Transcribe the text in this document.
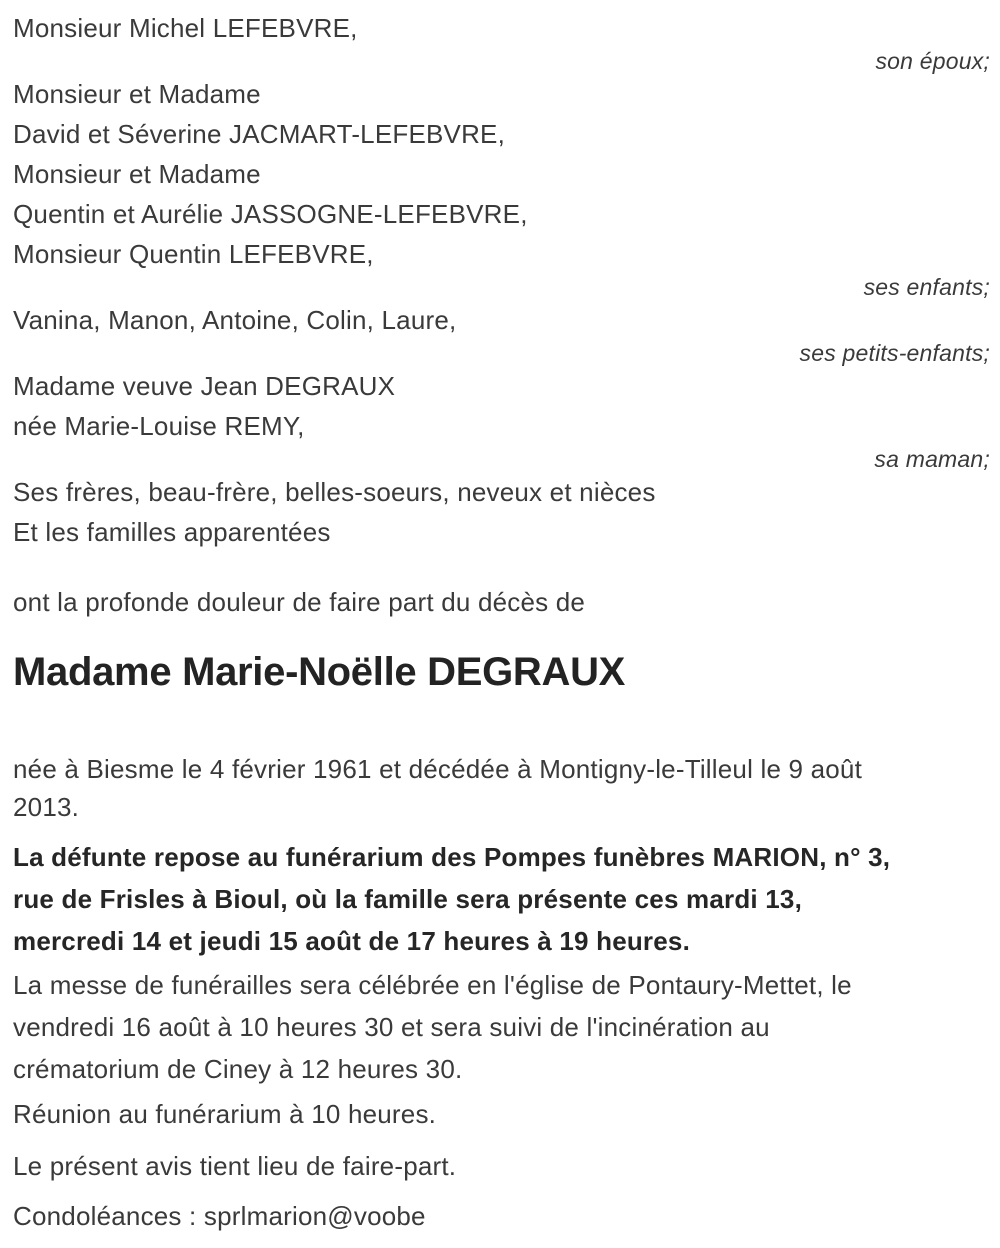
Monsieur Michel LEFEBVRE,
son époux;
Monsieur et Madame
David et Séverine JACMART-LEFEBVRE,
Monsieur et Madame
Quentin et Aurélie JASSOGNE-LEFEBVRE,
Monsieur Quentin LEFEBVRE,
ses enfants;
Vanina, Manon, Antoine, Colin, Laure,
ses petits-enfants;
Madame veuve Jean DEGRAUX
née Marie-Louise REMY,
sa maman;
Ses frères, beau-frère, belles-soeurs, neveux et nièces
Et les familles apparentées

ont la profonde douleur de faire part du décès de

Madame Marie-Noëlle DEGRAUX
née à Biesme le 4 février 1961 et décédée à Montigny-le-Tilleul le 9 août
2013.
La défunte repose au funérarium des Pompes funèbres MARION, n° 3,
rue de Frisles à Bioul, où la famille sera présente ces mardi 13,
mercredi 14 et jeudi 15 août de 17 heures à 19 heures.
La messe de funérailles sera célébrée en l'église de Pontaury-Mettet, le
vendredi 16 août à 10 heures 30 et sera suivi de l'incinération au
crématorium de Ciney à 12 heures 30.
Réunion au funérarium à 10 heures.
Le présent avis tient lieu de faire-part.
Condoléances : sprlmarion@voobe
